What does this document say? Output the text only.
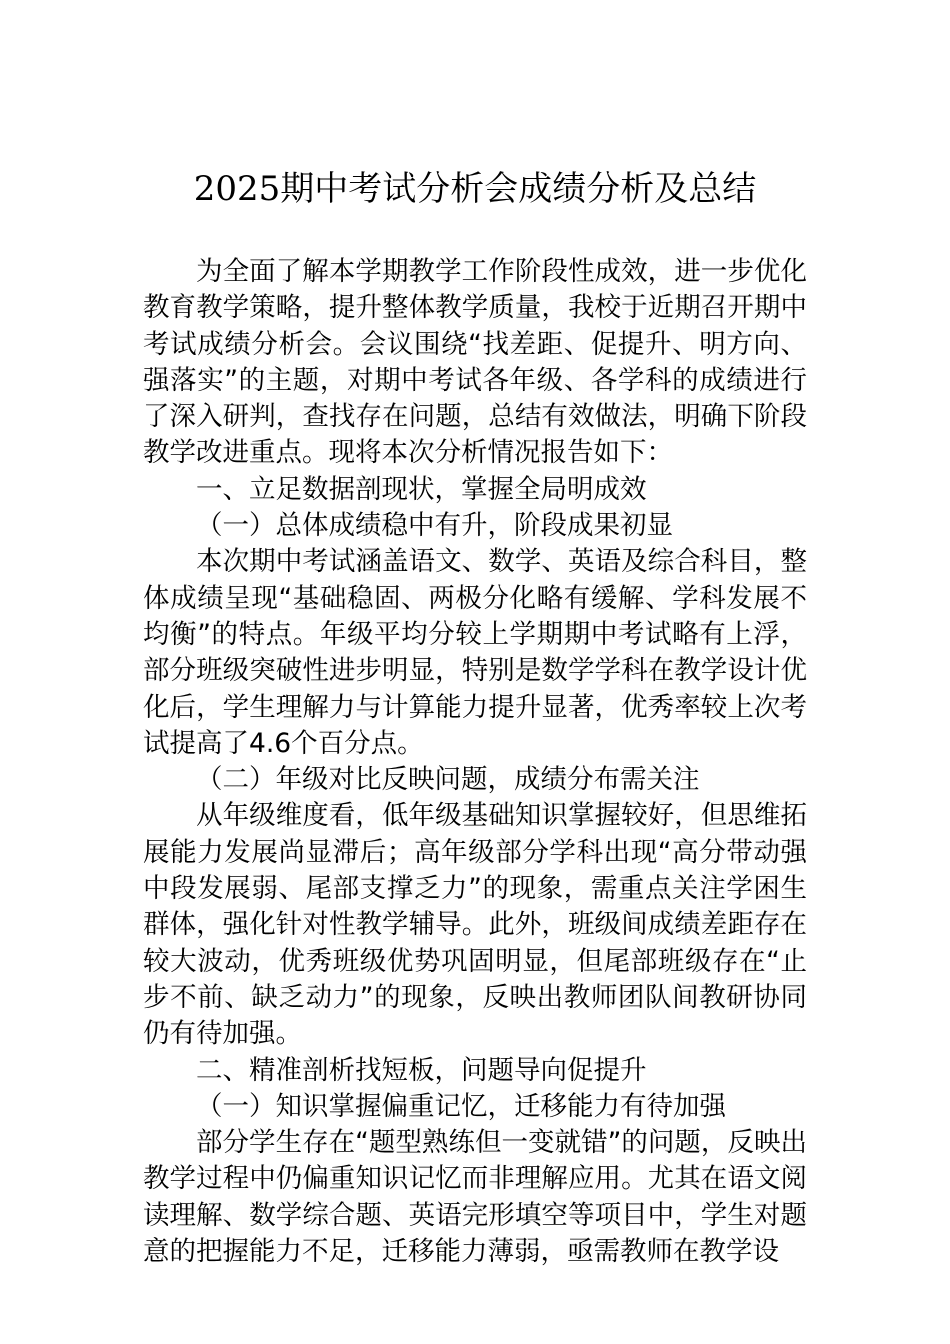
2025期中考试分析会成绩分析及总结

为全面了解本学期教学工作阶段性成效，进一步优化教育教学策略，提升整体教学质量，我校于近期召开期中考试成绩分析会。会议围绕“找差距、促提升、明方向、强落实”的主题，对期中考试各年级、各学科的成绩进行了深入研判，查找存在问题，总结有效做法，明确下阶段教学改进重点。现将本次分析情况报告如下：

一、立足数据剖现状，掌握全局明成效

（一）总体成绩稳中有升，阶段成果初显

本次期中考试涵盖语文、数学、英语及综合科目，整体成绩呈现“基础稳固、两极分化略有缓解、学科发展不均衡”的特点。年级平均分较上学期期中考试略有上浮，部分班级突破性进步明显，特别是数学学科在教学设计优化后，学生理解力与计算能力提升显著，优秀率较上次考试提高了4.6个百分点。

（二）年级对比反映问题，成绩分布需关注

从年级维度看，低年级基础知识掌握较好，但思维拓展能力发展尚显滞后；高年级部分学科出现“高分带动强中段发展弱、尾部支撑乏力”的现象，需重点关注学困生群体，强化针对性教学辅导。此外，班级间成绩差距存在较大波动，优秀班级优势巩固明显，但尾部班级存在“止步不前、缺乏动力”的现象，反映出教师团队间教研协同仍有待加强。

二、精准剖析找短板，问题导向促提升

（一）知识掌握偏重记忆，迁移能力有待加强

部分学生存在“题型熟练但一变就错”的问题，反映出教学过程中仍偏重知识记忆而非理解应用。尤其在语文阅读理解、数学综合题、英语完形填空等项目中，学生对题意的把握能力不足，迁移能力薄弱，亟需教师在教学设
